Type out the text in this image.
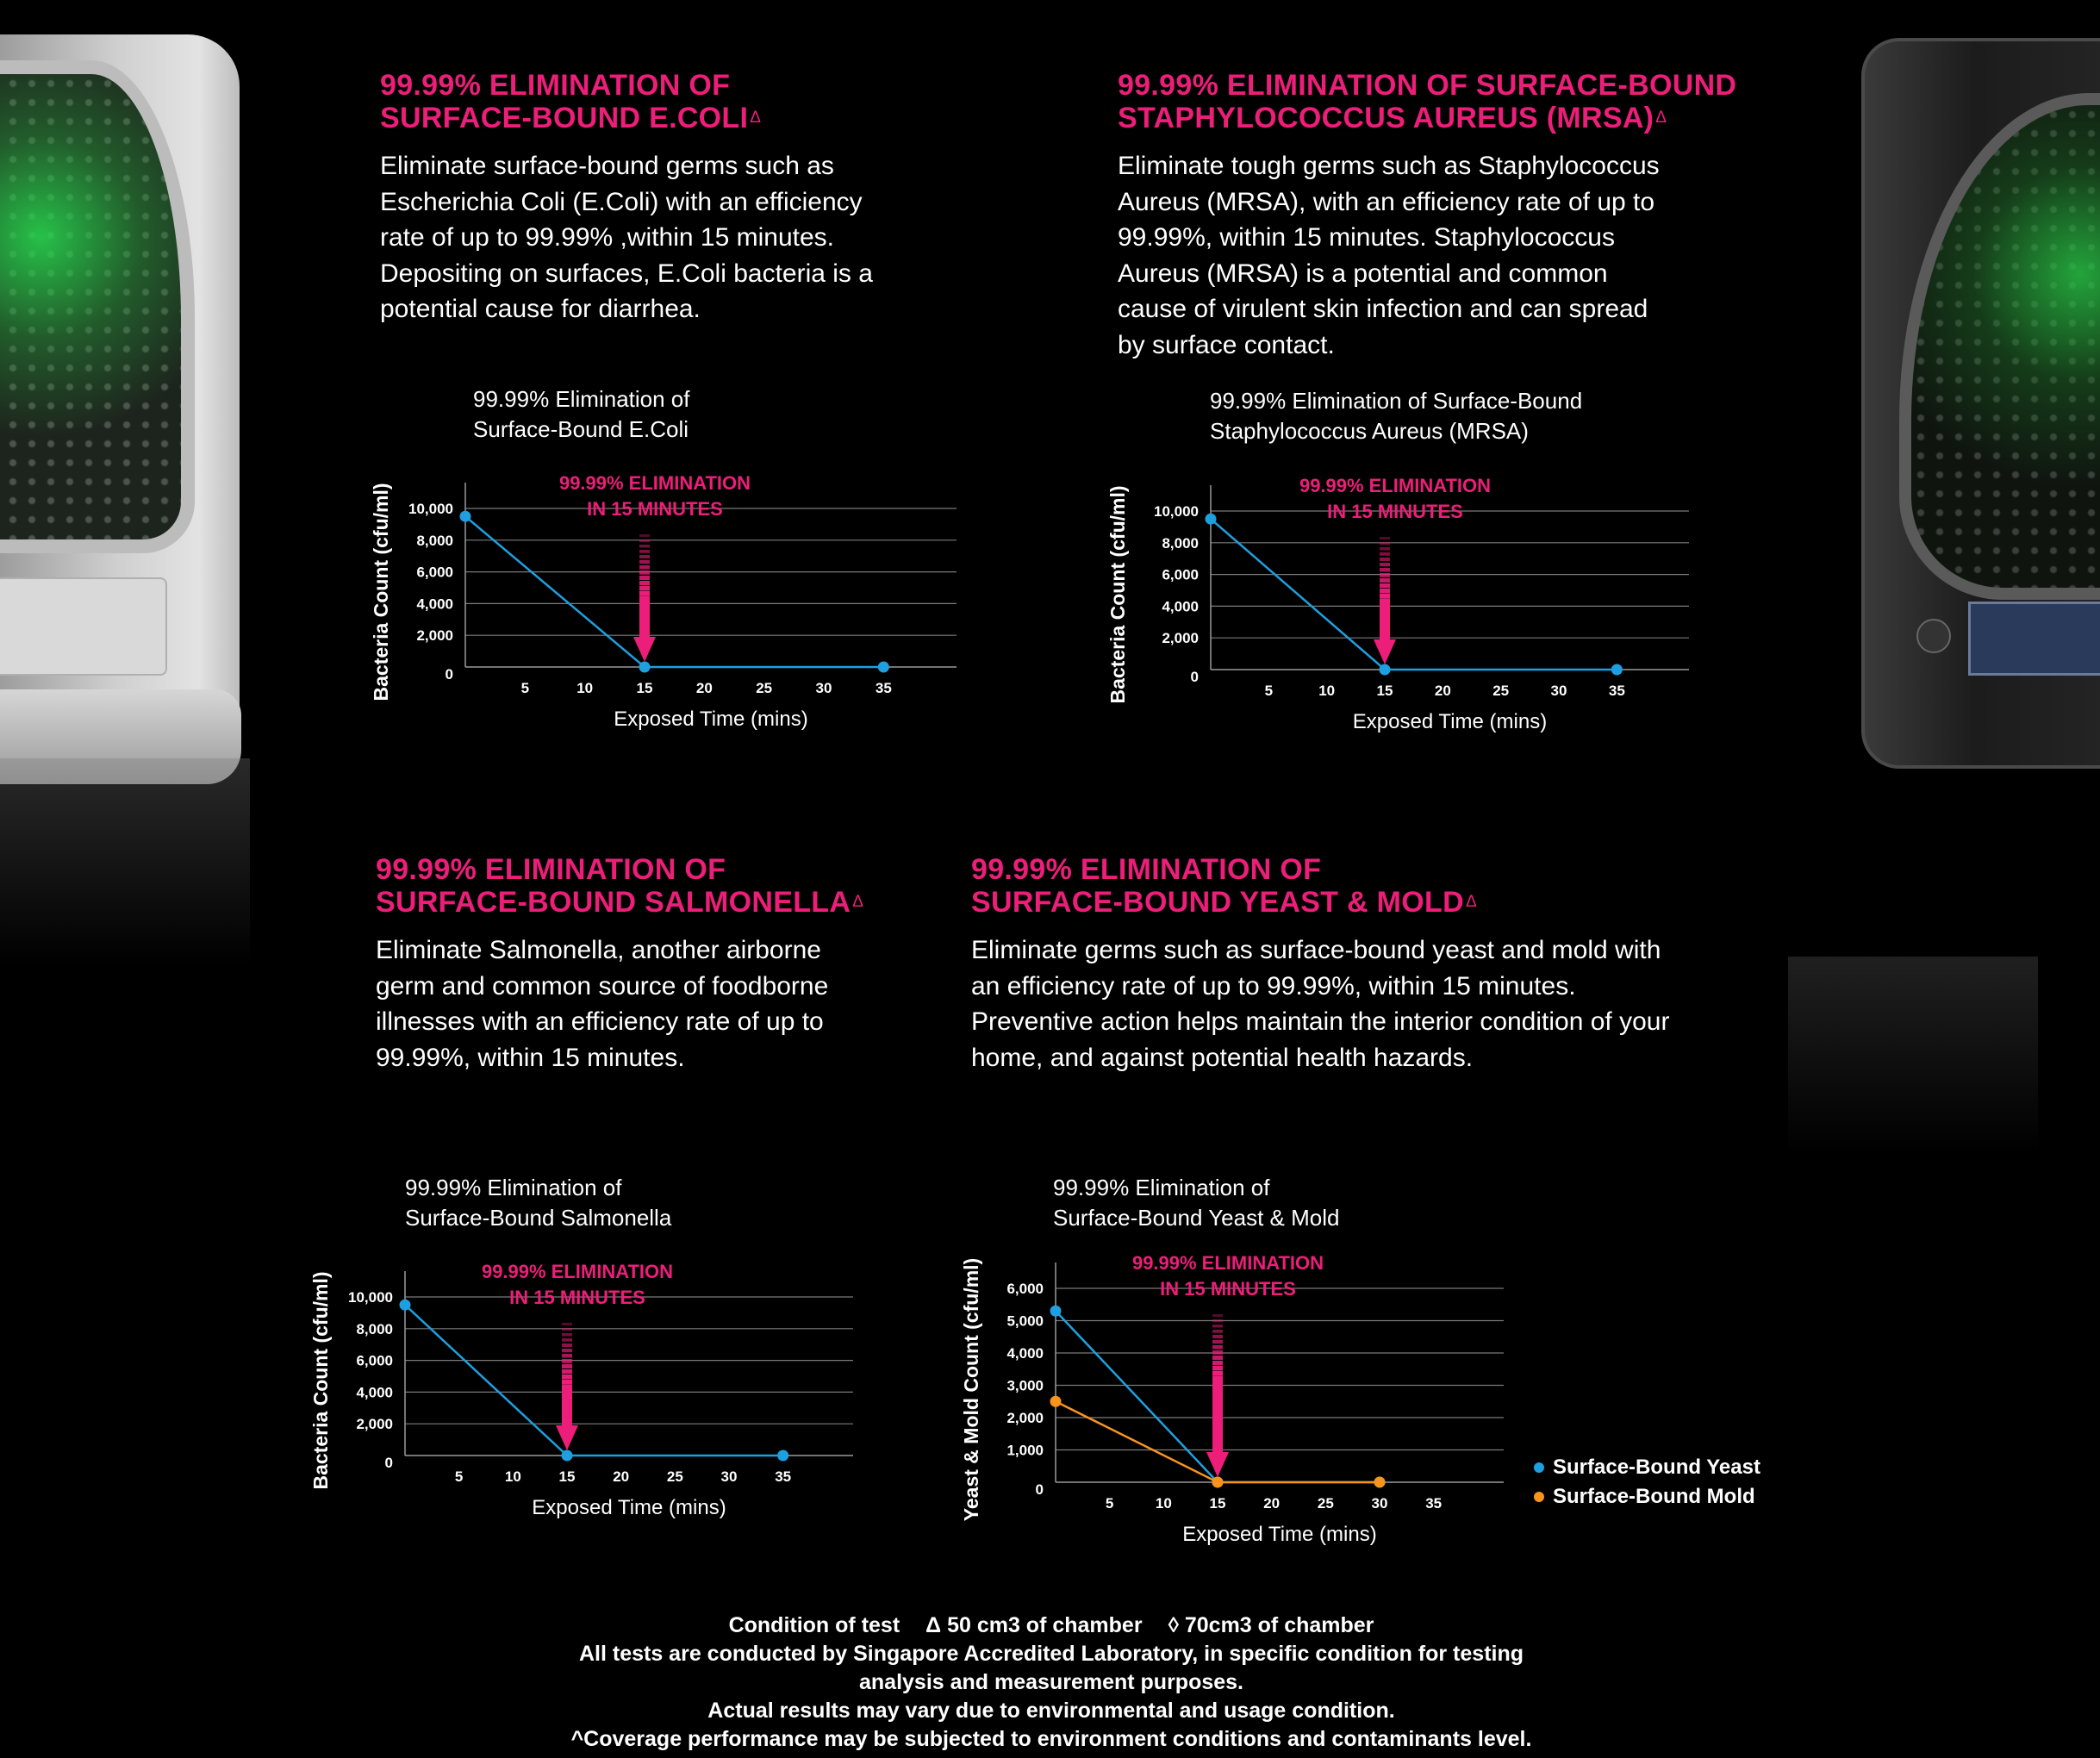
99.99% ELIMINATION OF
SURFACE-BOUND E.COLI $^\Delta$
Eliminate surface-bound germs such as
Escherichia Coli (E.Coli) with an efficiency
rate of up to 99.99% ,within 15 minutes.
Depositing on surfaces, E.Coli bacteria is a
potential cause for diarrhea.
99.99% ELIMINATION OF SURFACE-BOUND
STAPHYLOCOCCUS AUREUS (MRSA) $^\Delta$
Eliminate tough germs such as Staphylococcus
Aureus (MRSA), with an efficiency rate of up to
99.99%, within 15 minutes. Staphylococcus
Aureus (MRSA) is a potential and common
cause of virulent skin infection and can spread
by surface contact.
99.99% ELIMINATION OF
SURFACE-BOUND SALMONELLA $^\Delta$
Eliminate Salmonella, another airborne
germ and common source of foodborne
illnesses with an efficiency rate of up to
99.99%, within 15 minutes.
99.99% ELIMINATION OF
SURFACE-BOUND YEAST & MOLD $^\Delta$
Eliminate germs such as surface-bound yeast and mold with
an efficiency rate of up to 99.99%, within 15 minutes.
Preventive action helps maintain the interior condition of your
home, and against potential health hazards.
99.99% Elimination of
Surface-Bound E.Coli
99.99% Elimination of Surface-Bound
Staphylococcus Aureus (MRSA)
99.99% Elimination of
Surface-Bound Salmonella
99.99% Elimination of
Surface-Bound Yeast & Mold
0
2,000
4,000
6,000
8,000
10,000
5	10	15	20	25	30	35
Exposed Time (mins)
Bacteria Count (cfu/ml)	99.99% ELIMINATION
IN 15 MINUTES
0
2,000
4,000
6,000
8,000
10,000
5	10	15	20	25	30	35
Exposed Time (mins)
Bacteria Count (cfu/ml)	99.99% ELIMINATION
IN 15 MINUTES
0
2,000
4,000
6,000
8,000
10,000
5	10	15	20	25	30	35
Exposed Time (mins)
Bacteria Count (cfu/ml)	99.99% ELIMINATION
IN 15 MINUTES
0
1,000
2,000
3,000
4,000
5,000
6,000
5	10	15	20	25	30	35
Exposed Time (mins)
Yeast & Mold Count (cfu/ml)	99.99% ELIMINATION
IN 15 MINUTES
Surface-Bound Yeast
Surface-Bound Mold
Condition of test Δ 50 cm3 of chamber ◊ 70cm3 of chamber
All tests are conducted by Singapore Accredited Laboratory, in specific condition for testing
analysis and measurement purposes.
Actual results may vary due to environmental and usage condition.
^Coverage performance may be subjected to environment conditions and contaminants level.
